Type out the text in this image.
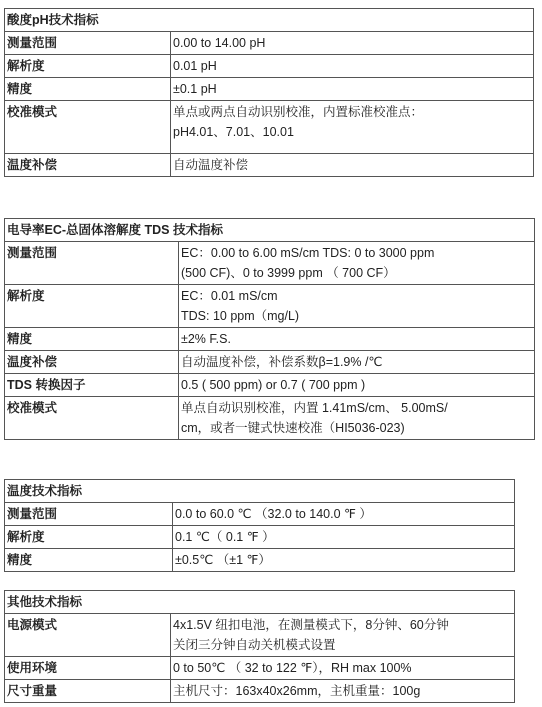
酸度pH技术指标	
测量范围	0.00 to 14.00 pH

解析度	0.01 pH

精度	±0.1 pH

校准模式	单点或两点自动识别校准，内置标准校准点：
pH4.01、7.01、10.01

温度补偿	自动温度补偿
电导率EC-总固体溶解度 TDS 技术指标	
测量范围	EC：0.00 to 6.00 mS/cm TDS: 0 to 3000 ppm
(500 CF)、0 to 3999 ppm （ 700 CF）

解析度	EC：0.01 mS/cm
TDS: 10 ppm（mg/L)

精度	±2% F.S.

温度补偿	自动温度补偿，补偿系数β=1.9% /℃

TDS 转换因子	0.5 ( 500 ppm) or 0.7 ( 700 ppm )

校准模式	单点自动识别校准，内置 1.41mS/cm、 5.00mS/
cm，或者一键式快速校准（HI5036-023)
温度技术指标	
测量范围	0.0 to 60.0 ℃ （32.0 to 140.0 ℉ ）

解析度	0.1 ℃（ 0.1 ℉ ）

精度	±0.5℃ （±1 ℉）
其他技术指标	
电源模式	4x1.5V 纽扣电池，在测量模式下，8分钟、60分钟
关闭三分钟自动关机模式设置

使用环境	0 to 50℃ （ 32 to 122 ℉），RH max 100%

尺寸重量	主机尺寸：163x40x26mm，主机重量：100g
